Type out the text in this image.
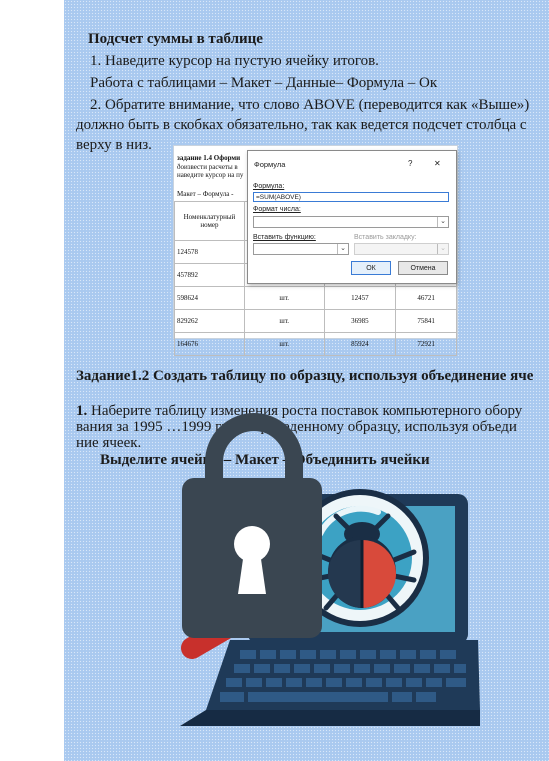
Подсчет суммы в таблице
1. Наведите курсор на пустую ячейку итогов.
Работа с таблицами – Макет – Данные– Формула – Ок
2. Обратите внимание, что слово ABOVE (переводится как «Выше»)
должно быть в скобках обязательно, так как ведется подсчет столбца с
верху в низ.
задание 1.4 Оформи
ðоизвести расчеты в
наведите курсор на пу
Макет – Формула -
Номенклатурный номер			
124578			
457892			
598624	шт.	12457	46721
829262	шт.	36985	75841
164676	шт.	85924	72921
Формула	?	✕
Формула:
=SUM(ABOVE)
Формат числа:
⌄
Вставить функцию:	Вставить закладку:
⌄	⌄
ОК	Отмена
Задание1.2 Создать таблицу по образцу, используя объединение яче
1. Наберите таблицу изменения роста поставок компьютерного обору
вания за 1995 …1999 гг. по приведенному образцу, используя объеди
ние ячеек.
Выделите ячейки – Макет – Объединить ячейки
